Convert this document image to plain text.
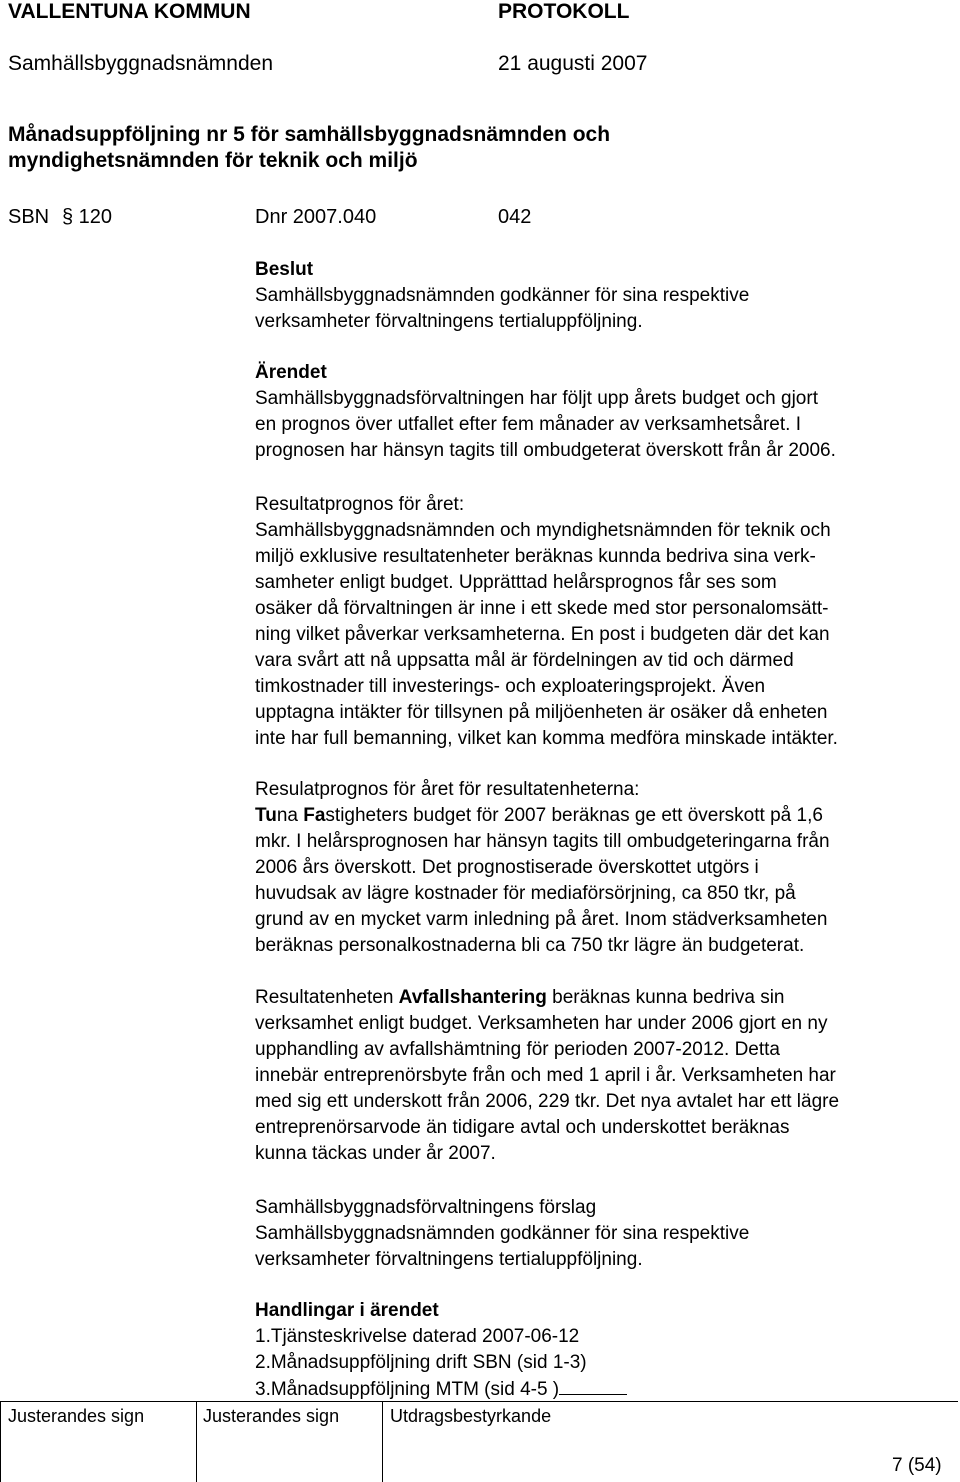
VALLENTUNA KOMMUN	PROTOKOLL
Samhällsbyggnadsnämnden	21 augusti 2007
Månadsuppföljning nr 5 för samhällsbyggnadsnämnden och
myndighetsnämnden för teknik och miljö
SBN § 120	Dnr 2007.040	042
Beslut
Samhällsbyggnadsnämnden godkänner för sina respektive
verksamheter förvaltningens tertialuppföljning.
Ärendet
Samhällsbyggnadsförvaltningen har följt upp årets budget och gjort
en prognos över utfallet efter fem månader av verksamhetsåret. I
prognosen har hänsyn tagits till ombudgeterat överskott från år 2006.
Resultatprognos för året:
Samhällsbyggnadsnämnden och myndighetsnämnden för teknik och
miljö exklusive resultatenheter beräknas kunnda bedriva sina verk-
samheter enligt budget. Upprätttad helårsprognos får ses som
osäker då förvaltningen är inne i ett skede med stor personalomsätt-
ning vilket påverkar verksamheterna. En post i budgeten där det kan
vara svårt att nå uppsatta mål är fördelningen av tid och därmed
timkostnader till investerings- och exploateringsprojekt. Även
upptagna intäkter för tillsynen på miljöenheten är osäker då enheten
inte har full bemanning, vilket kan komma medföra minskade intäkter.
Resulatprognos för året för resultatenheterna:
Tuna Fastigheters budget för 2007 beräknas ge ett överskott på 1,6
mkr. I helårsprognosen har hänsyn tagits till ombudgeteringarna från
2006 års överskott. Det prognostiserade överskottet utgörs i
huvudsak av lägre kostnader för mediaförsörjning, ca 850 tkr, på
grund av en mycket varm inledning på året. Inom städverksamheten
beräknas personalkostnaderna bli ca 750 tkr lägre än budgeterat.
Resultatenheten Avfallshantering beräknas kunna bedriva sin
verksamhet enligt budget. Verksamheten har under 2006 gjort en ny
upphandling av avfallshämtning för perioden 2007-2012. Detta
innebär entreprenörsbyte från och med 1 april i år. Verksamheten har
med sig ett underskott från 2006, 229 tkr. Det nya avtalet har ett lägre
entreprenörsarvode än tidigare avtal och underskottet beräknas
kunna täckas under år 2007.
Samhällsbyggnadsförvaltningens förslag
Samhällsbyggnadsnämnden godkänner för sina respektive
verksamheter förvaltningens tertialuppföljning.
Handlingar i ärendet
1.Tjänsteskrivelse daterad 2007-06-12
2.Månadsuppföljning drift SBN (sid 1-3)
3.Månadsuppföljning MTM (sid 4-5 )
Justerandes sign	Justerandes sign	Utdragsbestyrkande
7 (54)
